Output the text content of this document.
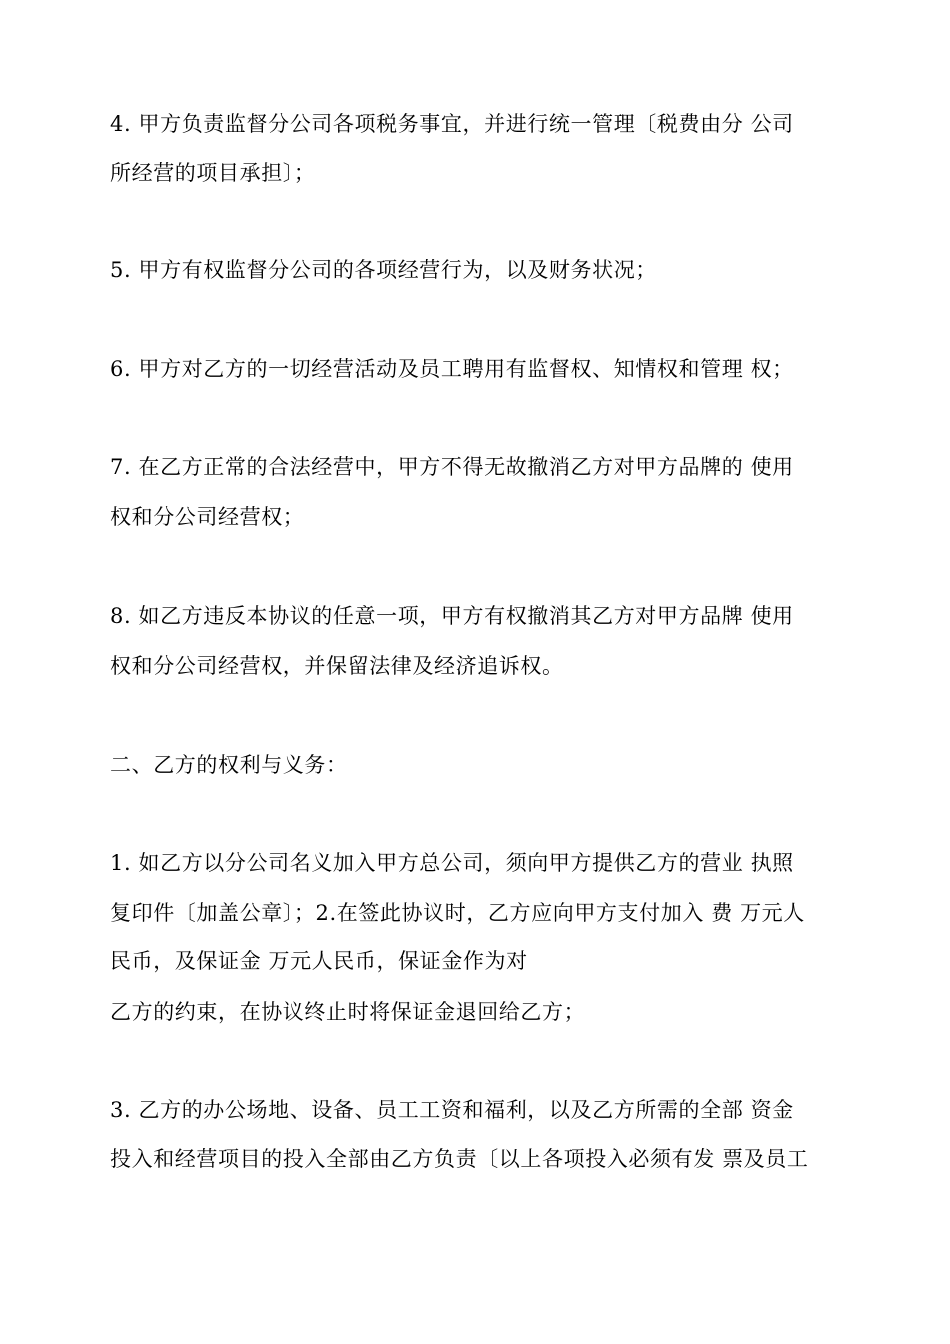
4. 甲方负责监督分公司各项税务事宜，并进行统一管理〔税费由分 公司
所经营的项目承担〕；
5. 甲方有权监督分公司的各项经营行为，以及财务状况；
6. 甲方对乙方的一切经营活动及员工聘用有监督权、知情权和管理 权；
7. 在乙方正常的合法经营中，甲方不得无故撤消乙方对甲方品牌的 使用
权和分公司经营权；
8. 如乙方违反本协议的任意一项，甲方有权撤消其乙方对甲方品牌 使用
权和分公司经营权，并保留法律及经济追诉权。
二、乙方的权利与义务：
1. 如乙方以分公司名义加入甲方总公司，须向甲方提供乙方的营业 执照
复印件〔加盖公章〕；2.在签此协议时，乙方应向甲方支付加入 费 万元人
民币，及保证金 万元人民币，保证金作为对
乙方的约束，在协议终止时将保证金退回给乙方；
3. 乙方的办公场地、设备、员工工资和福利，以及乙方所需的全部 资金
投入和经营项目的投入全部由乙方负责〔以上各项投入必须有发 票及员工
